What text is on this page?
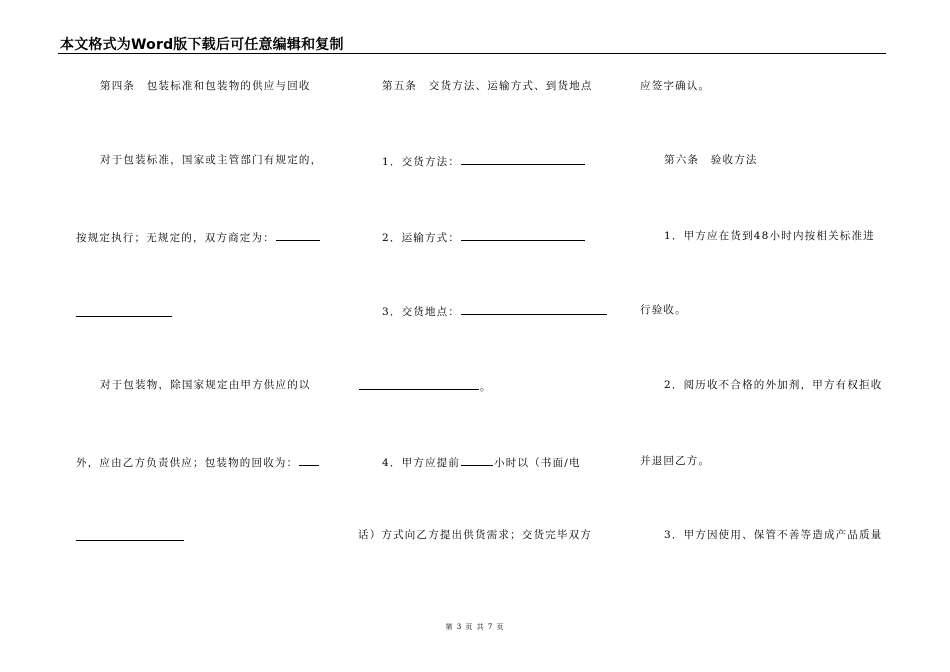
本文格式为Word版下载后可任意编辑和复制
第四条　包装标准和包装物的供应与回收
对于包装标准，国家或主管部门有规定的，
按规定执行；无规定的，双方商定为：
对于包装物，除国家规定由甲方供应的以
外，应由乙方负责供应；包装物的回收为：
第五条　交货方法、运输方式、到货地点
1．交货方法：
2．运输方式：
3．交货地点：
。
4．甲方应提前	小时以（书面/电
话）方式向乙方提出供货需求；交货完毕双方
应签字确认。
第六条　验收方法
1．甲方应在货到48小时内按相关标准进
行验收。
2．阅历收不合格的外加剂，甲方有权拒收
并退回乙方。
3．甲方因使用、保管不善等造成产品质量
第 3 页 共 7 页
